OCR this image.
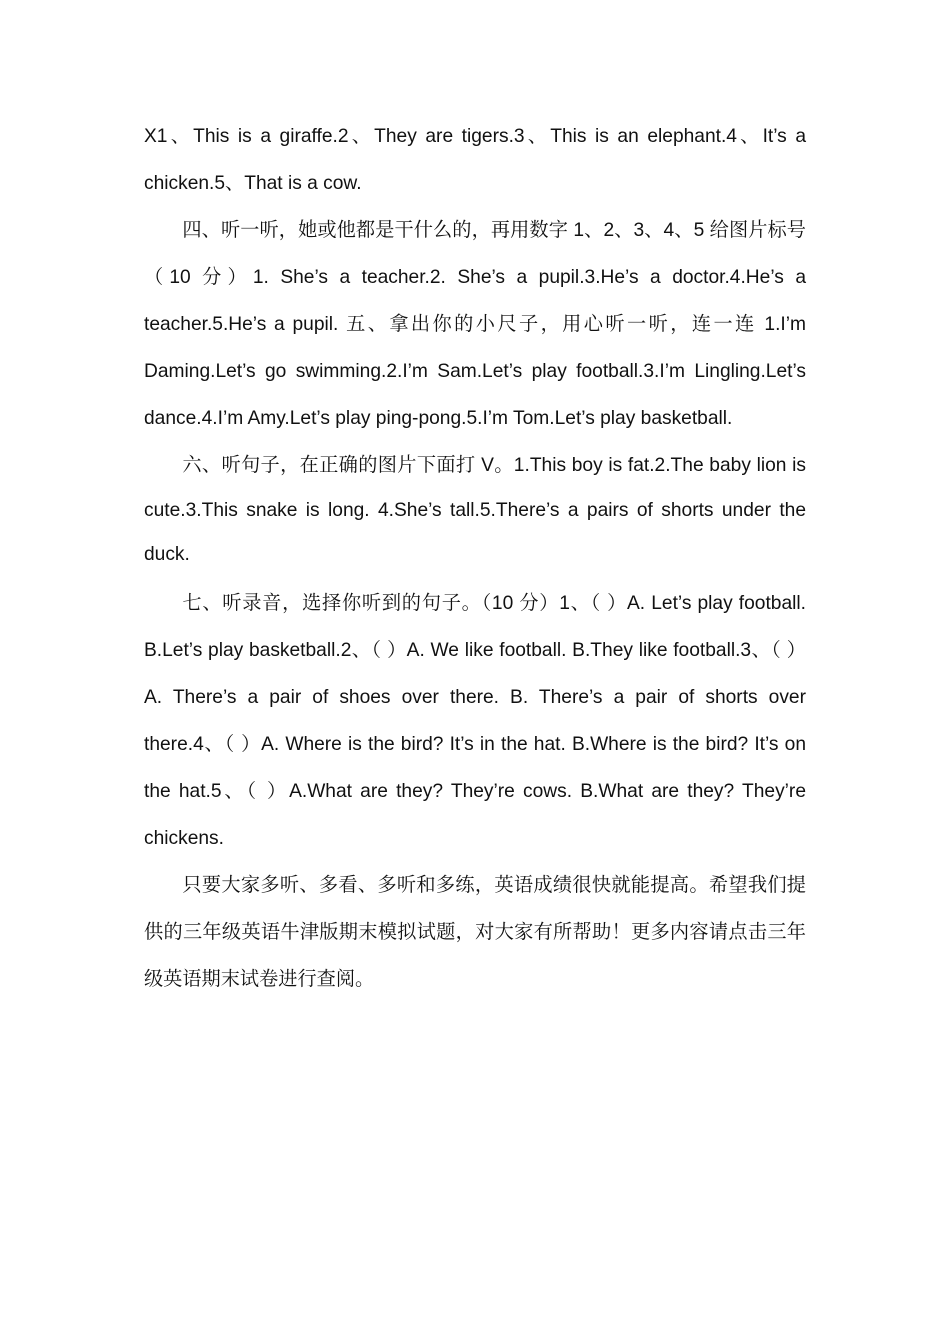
X1、This is a giraffe.2、They are tigers.3、This is an elephant.4、It’s a chicken.5、That is a cow.

四、听一听，她或他都是干什么的，再用数字 1、2、3、4、5 给图片标号（10 分）1. She’s a teacher.2. She’s a pupil.3.He’s a doctor.4.He’s a teacher.5.He’s a pupil. 五、拿出你的小尺子，用心听一听，连一连 1.I’m Daming.Let’s go swimming.2.I’m Sam.Let’s play football.3.I’m Lingling.Let’s dance.4.I’m Amy.Let’s play ping-pong.5.I’m Tom.Let’s play basketball.

六、听句子，在正确的图片下面打 V。1.This boy is fat.2.The baby lion is cute.3.This snake is long. 4.She’s tall.5.There’s a pairs of shorts under the duck.

七、听录音，选择你听到的句子。（10 分）1、（ ）A. Let’s play football. B.Let’s play basketball.2、（ ）A. We like football. B.They like football.3、（ ）A. There’s a pair of shoes over there. B. There’s a pair of shorts over there.4、（ ）A. Where is the bird? It’s in the hat. B.Where is the bird? It’s on the hat.5、（ ）A.What are they? They’re cows. B.What are they? They’re chickens.

只要大家多听、多看、多听和多练，英语成绩很快就能提高。希望我们提供的三年级英语牛津版期末模拟试题，对大家有所帮助！更多内容请点击三年级英语期末试卷进行查阅。
